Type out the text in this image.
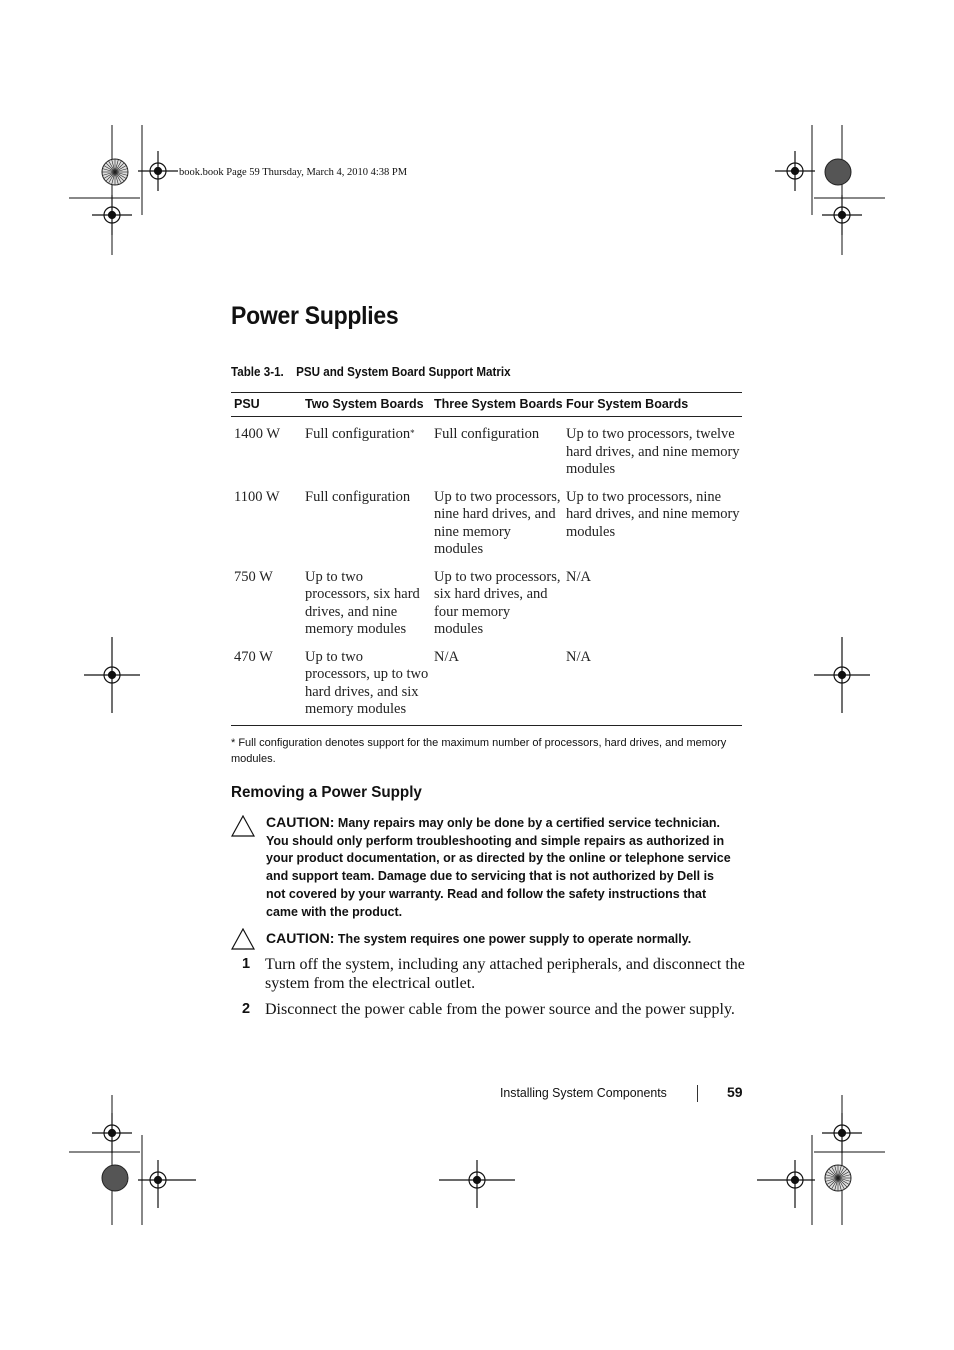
book.book Page 59 Thursday, March 4, 2010 4:38 PM
Power Supplies
Table 3-1. PSU and System Board Support Matrix
PSU	Two System Boards	Three System Boards	Four System Boards
1400 W	Full configuration*	Full configuration	Up to two processors, twelve hard drives, and nine memory modules
1100 W	Full configuration	Up to two processors, nine hard drives, and nine memory modules	Up to two processors, nine hard drives, and nine memory modules
750 W	Up to two processors, six hard drives, and nine memory modules	Up to two processors, six hard drives, and four memory modules	N/A
470 W	Up to two processors, up to two hard drives, and six memory modules	N/A	N/A
* Full configuration denotes support for the maximum number of processors, hard drives, and memory modules.
Removing a Power Supply
CAUTION: Many repairs may only be done by a certified service technician. You should only perform troubleshooting and simple repairs as authorized in your product documentation, or as directed by the online or telephone service and support team. Damage due to servicing that is not authorized by Dell is not covered by your warranty. Read and follow the safety instructions that came with the product.
CAUTION: The system requires one power supply to operate normally.
1 Turn off the system, including any attached peripherals, and disconnect the system from the electrical outlet.
2 Disconnect the power cable from the power source and the power supply.
Installing System Components	59
